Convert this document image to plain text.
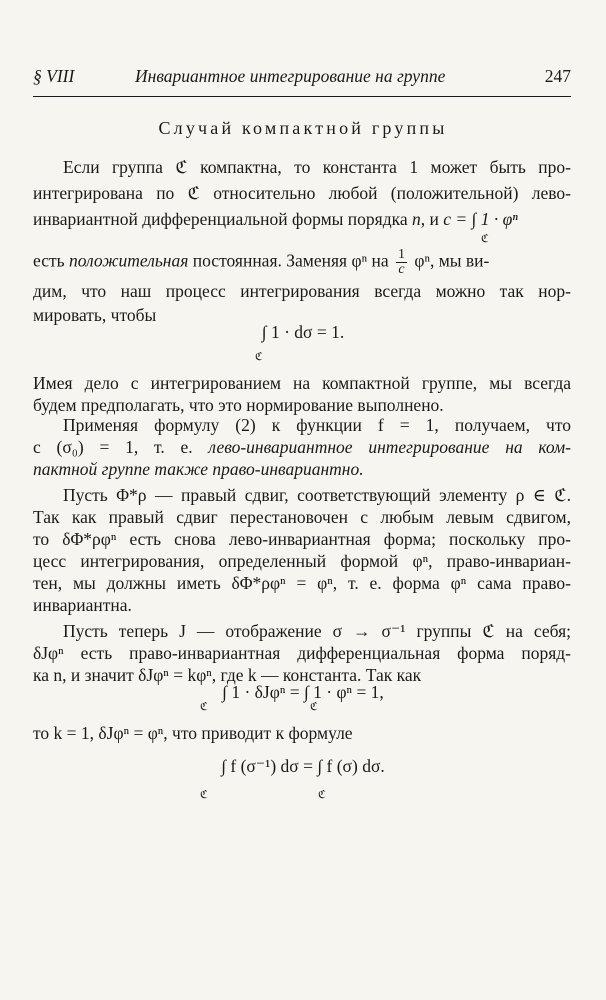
§ VIII	Инвариантное интегрирование на группе	247
Случай компактной группы
Если группа ℭ компактна, то константа 1 может быть про-
интегрирована по ℭ относительно любой (положительной) лево-
инвариантной дифференциальной формы порядка n, и c = ∫ 1 · φⁿ
ℭ
есть положительная постоянная. Заменяя φⁿ на $\frac{1}{c} \varphi^n$, мы ви-
дим, что наш процесс интегрирования всегда можно так нор-
мировать, чтобы
∫ 1 · dσ = 1.
ℭ
Имея дело с интегрированием на компактной группе, мы всегда
будем предполагать, что это нормирование выполнено.
Применяя формулу (2) к функции f = 1, получаем, что
c (σ₀) = 1, т. е. лево-инвариантное интегрирование на ком-
пактной группе также право-инвариантно.
Пусть Φ*ρ — правый сдвиг, соответствующий элементу ρ ∈ ℭ.
Так как правый сдвиг перестановочен с любым левым сдвигом,
то δΦ*ρφⁿ есть снова лево-инвариантная форма; поскольку про-
цесс интегрирования, определенный формой φⁿ, право-инвариан-
тен, мы должны иметь δΦ*ρφⁿ = φⁿ, т. е. форма φⁿ сама право-
инвариантна.
Пусть теперь J — отображение σ → σ⁻¹ группы ℭ на себя;
δJφⁿ есть право-инвариантная дифференциальная форма поряд-
ка n, и значит δJφⁿ = kφⁿ, где k — константа. Так как
∫ 1 · δJφⁿ = ∫ 1 · φⁿ = 1,
ℭ	ℭ
то k = 1, δJφⁿ = φⁿ, что приводит к формуле
∫ f (σ⁻¹) dσ = ∫ f (σ) dσ.
ℭ	ℭ
